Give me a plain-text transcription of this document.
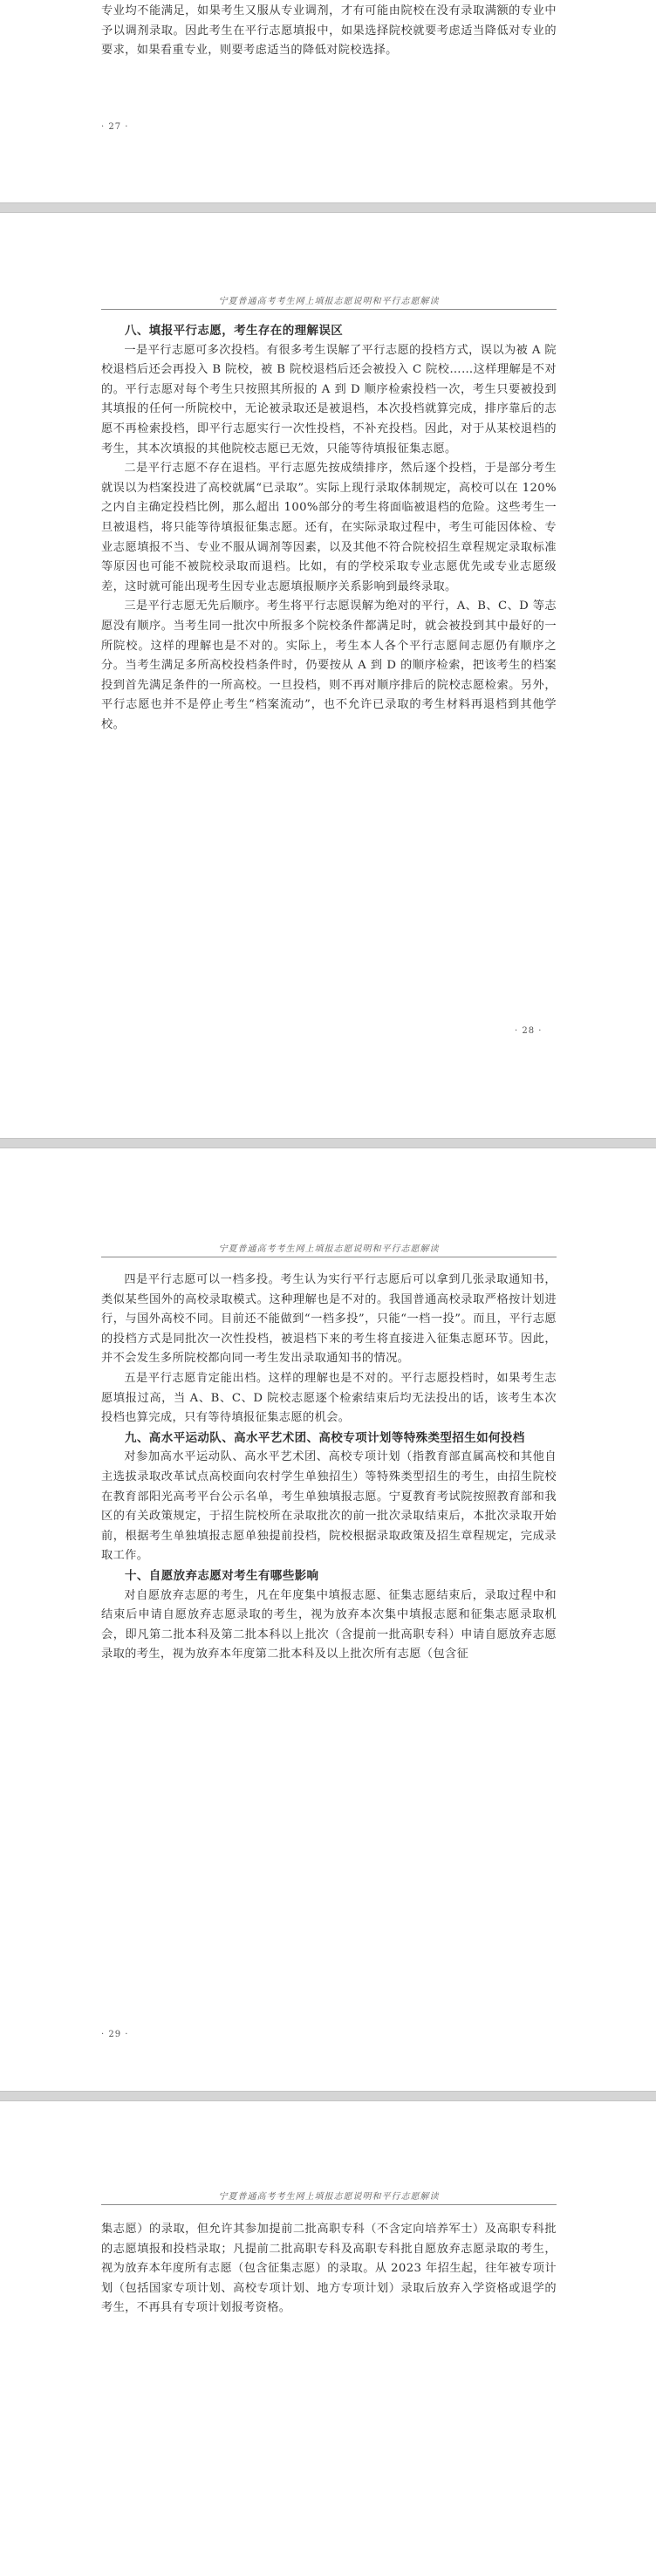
专业均不能满足，如果考生又服从专业调剂，才有可能由院校在没有录取满额的专业中予以调剂录取。因此考生在平行志愿填报中，如果选择院校就要考虑适当降低对专业的要求，如果看重专业，则要考虑适当的降低对院校选择。

· 27 ·
宁夏普通高考考生网上填报志愿说明和平行志愿解读
八、填报平行志愿，考生存在的理解误区

一是平行志愿可多次投档。有很多考生误解了平行志愿的投档方式，误以为被 A 院校退档后还会再投入 B 院校，被 B 院校退档后还会被投入 C 院校……这样理解是不对的。平行志愿对每个考生只按照其所报的 A 到 D 顺序检索投档一次，考生只要被投到其填报的任何一所院校中，无论被录取还是被退档，本次投档就算完成，排序靠后的志愿不再检索投档，即平行志愿实行一次性投档，不补充投档。因此，对于从某校退档的考生，其本次填报的其他院校志愿已无效，只能等待填报征集志愿。

二是平行志愿不存在退档。平行志愿先按成绩排序，然后逐个投档，于是部分考生就误以为档案投进了高校就属“已录取”。实际上现行录取体制规定，高校可以在 120%之内自主确定投档比例，那么超出 100%部分的考生将面临被退档的危险。这些考生一旦被退档，将只能等待填报征集志愿。还有，在实际录取过程中，考生可能因体检、专业志愿填报不当、专业不服从调剂等因素，以及其他不符合院校招生章程规定录取标准等原因也可能不被院校录取而退档。比如，有的学校采取专业志愿优先或专业志愿级差，这时就可能出现考生因专业志愿填报顺序关系影响到最终录取。

三是平行志愿无先后顺序。考生将平行志愿误解为绝对的平行，A、B、C、D 等志愿没有顺序。当考生同一批次中所报多个院校条件都满足时，就会被投到其中最好的一所院校。这样的理解也是不对的。实际上，考生本人各个平行志愿间志愿仍有顺序之分。当考生满足多所高校投档条件时，仍要按从 A 到 D 的顺序检索，把该考生的档案投到首先满足条件的一所高校。一旦投档，则不再对顺序排后的院校志愿检索。另外，平行志愿也并不是停止考生“档案流动”，也不允许已录取的考生材料再退档到其他学校。

· 28 ·
宁夏普通高考考生网上填报志愿说明和平行志愿解读

四是平行志愿可以一档多投。考生认为实行平行志愿后可以拿到几张录取通知书，类似某些国外的高校录取模式。这种理解也是不对的。我国普通高校录取严格按计划进行，与国外高校不同。目前还不能做到“一档多投”，只能“一档一投”。而且，平行志愿的投档方式是同批次一次性投档，被退档下来的考生将直接进入征集志愿环节。因此，并不会发生多所院校都向同一考生发出录取通知书的情况。

五是平行志愿肯定能出档。这样的理解也是不对的。平行志愿投档时，如果考生志愿填报过高，当 A、B、C、D 院校志愿逐个检索结束后均无法投出的话，该考生本次投档也算完成，只有等待填报征集志愿的机会。

九、高水平运动队、高水平艺术团、高校专项计划等特殊类型招生如何投档

对参加高水平运动队、高水平艺术团、高校专项计划（指教育部直属高校和其他自主选拔录取改革试点高校面向农村学生单独招生）等特殊类型招生的考生，由招生院校在教育部阳光高考平台公示名单，考生单独填报志愿。宁夏教育考试院按照教育部和我区的有关政策规定，于招生院校所在录取批次的前一批次录取结束后，本批次录取开始前，根据考生单独填报志愿单独提前投档，院校根据录取政策及招生章程规定，完成录取工作。

十、自愿放弃志愿对考生有哪些影响

对自愿放弃志愿的考生，凡在年度集中填报志愿、征集志愿结束后，录取过程中和结束后申请自愿放弃志愿录取的考生，视为放弃本次集中填报志愿和征集志愿录取机会，即凡第二批本科及第二批本科以上批次（含提前一批高职专科）申请自愿放弃志愿录取的考生，视为放弃本年度第二批本科及以上批次所有志愿（包含征

· 29 ·
宁夏普通高考考生网上填报志愿说明和平行志愿解读

集志愿）的录取，但允许其参加提前二批高职专科（不含定向培养军士）及高职专科批的志愿填报和投档录取；凡提前二批高职专科及高职专科批自愿放弃志愿录取的考生，视为放弃本年度所有志愿（包含征集志愿）的录取。从 2023 年招生起，往年被专项计划（包括国家专项计划、高校专项计划、地方专项计划）录取后放弃入学资格或退学的考生，不再具有专项计划报考资格。
